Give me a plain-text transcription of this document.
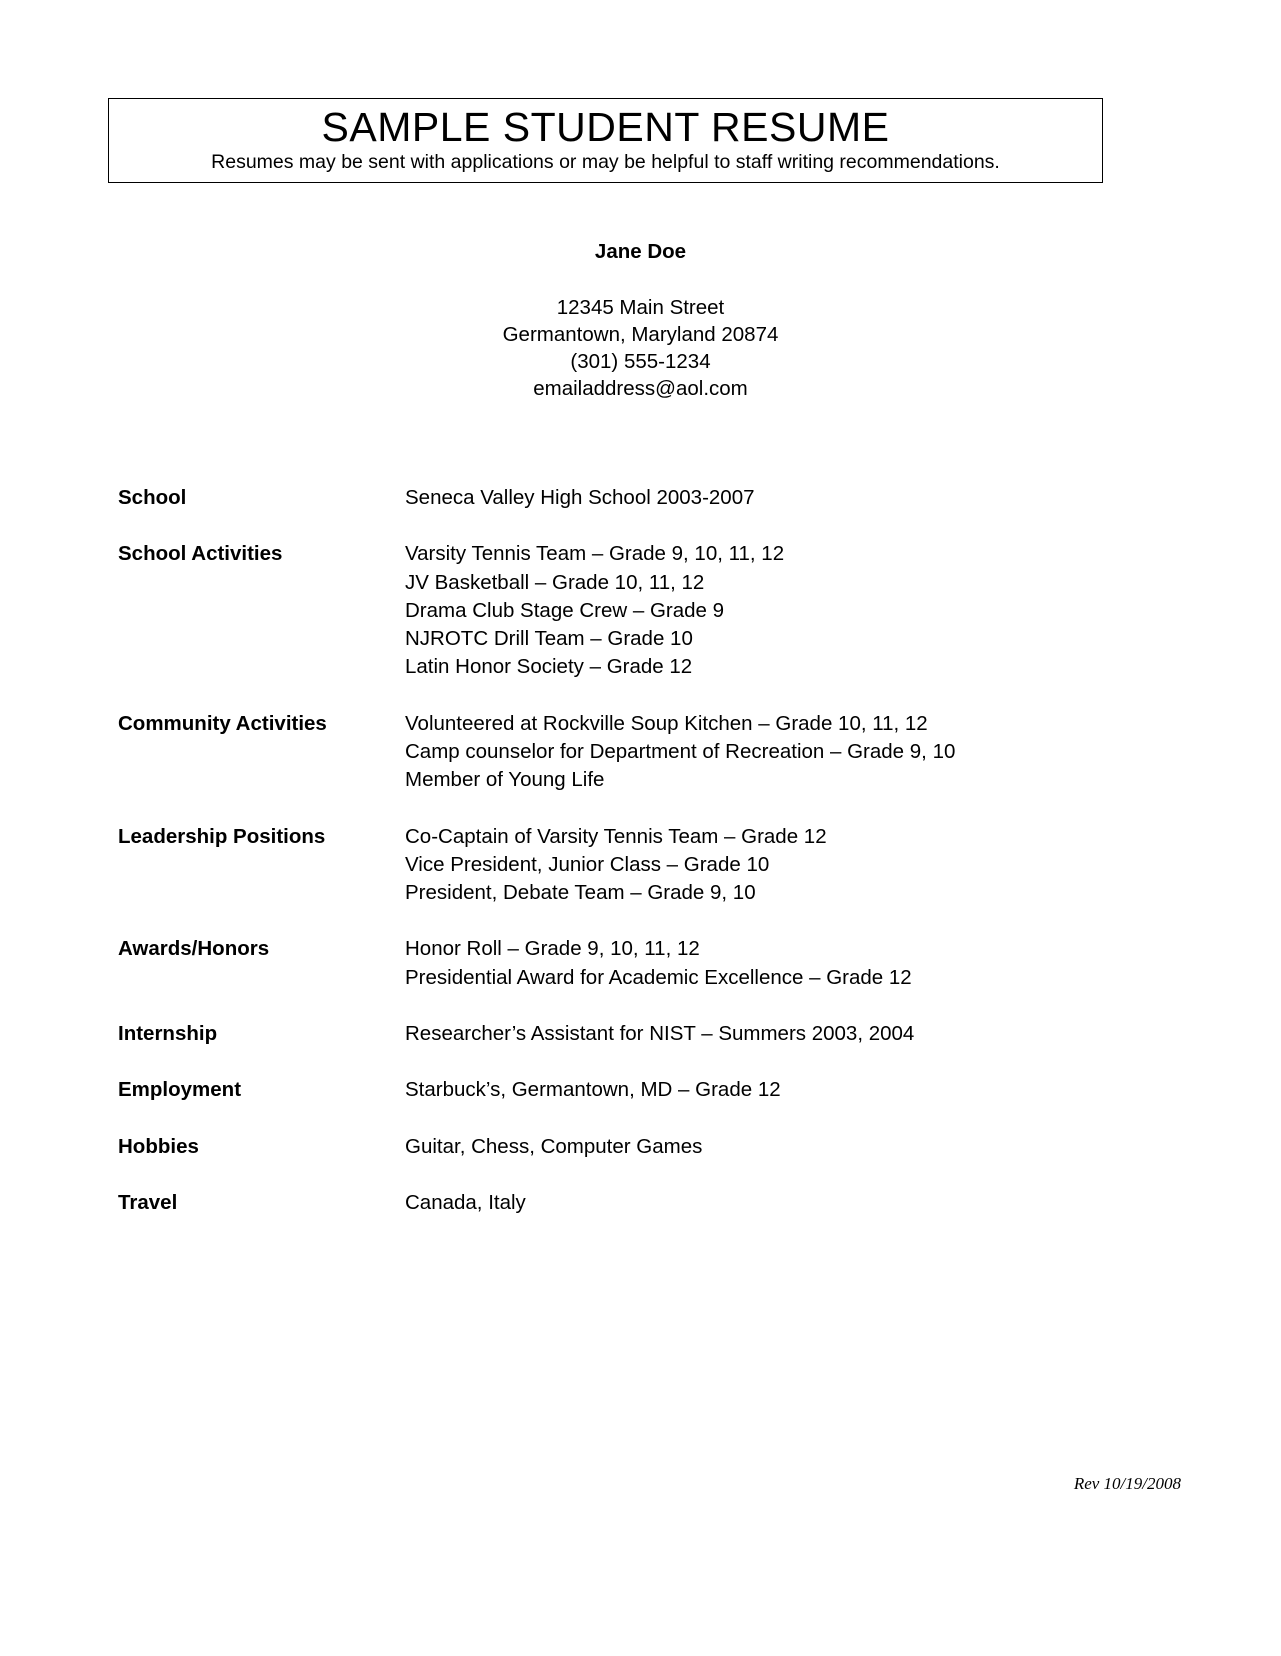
SAMPLE STUDENT RESUME
Resumes may be sent with applications or may be helpful to staff writing recommendations.
Jane Doe
12345 Main Street
Germantown, Maryland 20874
(301) 555-1234
emailaddress@aol.com
School	Seneca Valley High School 2003-2007
School Activities	Varsity Tennis Team – Grade 9, 10, 11, 12
JV Basketball – Grade 10, 11, 12
Drama Club Stage Crew – Grade 9
NJROTC Drill Team – Grade 10
Latin Honor Society – Grade 12
Community Activities	Volunteered at Rockville Soup Kitchen – Grade 10, 11, 12
Camp counselor for Department of Recreation – Grade 9, 10
Member of Young Life
Leadership Positions	Co-Captain of Varsity Tennis Team – Grade 12
Vice President, Junior Class – Grade 10
President, Debate Team – Grade 9, 10
Awards/Honors	Honor Roll – Grade 9, 10, 11, 12
Presidential Award for Academic Excellence – Grade 12
Internship	Researcher’s Assistant for NIST – Summers 2003, 2004
Employment	Starbuck’s, Germantown, MD – Grade 12
Hobbies	Guitar, Chess, Computer Games
Travel	Canada, Italy
Rev 10/19/2008
